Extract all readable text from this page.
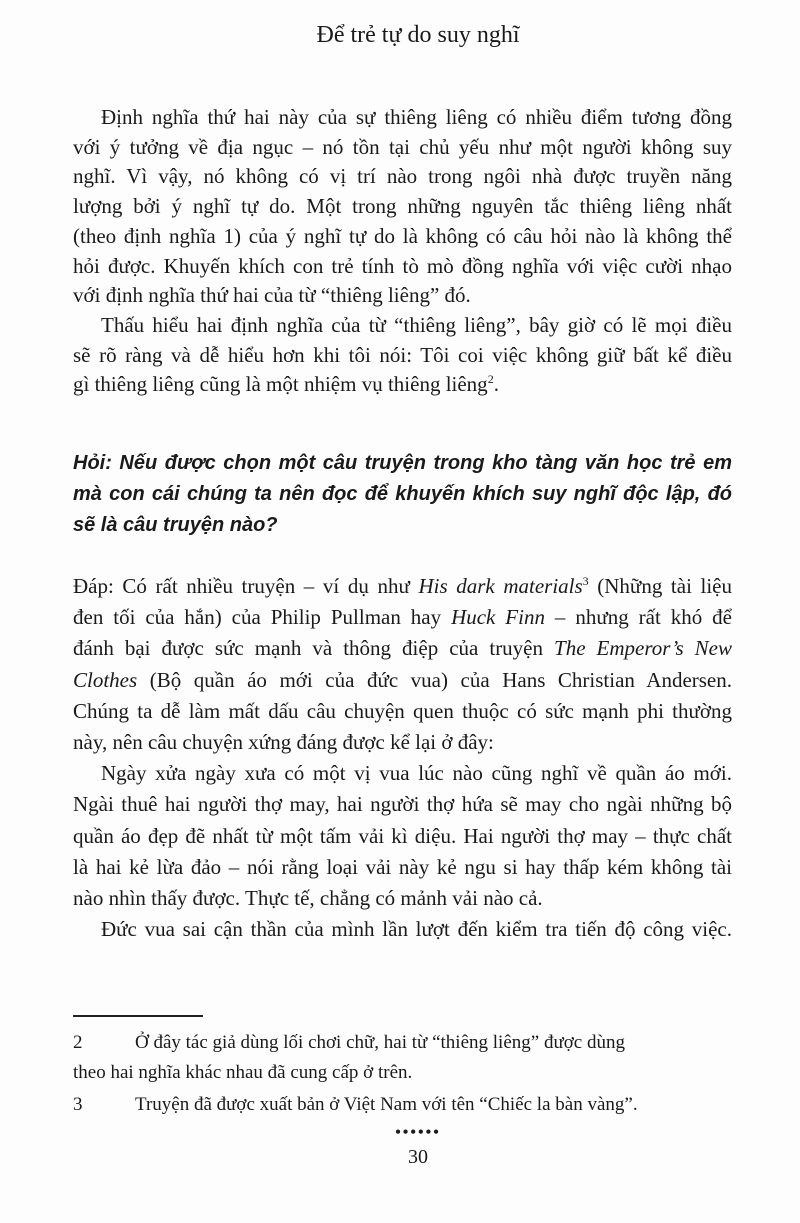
Để trẻ tự do suy nghĩ
Định nghĩa thứ hai này của sự thiêng liêng có nhiều điểm tương đồng
với ý tưởng về địa ngục – nó tồn tại chủ yếu như một người không suy
nghĩ. Vì vậy, nó không có vị trí nào trong ngôi nhà được truyền năng
lượng bởi ý nghĩ tự do. Một trong những nguyên tắc thiêng liêng nhất
(theo định nghĩa 1) của ý nghĩ tự do là không có câu hỏi nào là không thể
hỏi được. Khuyến khích con trẻ tính tò mò đồng nghĩa với việc cười nhạo
với định nghĩa thứ hai của từ “thiêng liêng” đó.
Thấu hiểu hai định nghĩa của từ “thiêng liêng”, bây giờ có lẽ mọi điều
sẽ rõ ràng và dễ hiểu hơn khi tôi nói: Tôi coi việc không giữ bất kể điều
gì thiêng liêng cũng là một nhiệm vụ thiêng liêng$^2$.
Hỏi: Nếu được chọn một câu truyện trong kho tàng văn học trẻ em
mà con cái chúng ta nên đọc để khuyến khích suy nghĩ độc lập, đó
sẽ là câu truyện nào?
Đáp: Có rất nhiều truyện – ví dụ như His dark materials$^3$ (Những tài liệu
đen tối của hắn) của Philip Pullman hay Huck Finn – nhưng rất khó để
đánh bại được sức mạnh và thông điệp của truyện The Emperor’s New
Clothes (Bộ quần áo mới của đức vua) của Hans Christian Andersen.
Chúng ta dễ làm mất dấu câu chuyện quen thuộc có sức mạnh phi thường
này, nên câu chuyện xứng đáng được kể lại ở đây:
Ngày xửa ngày xưa có một vị vua lúc nào cũng nghĩ về quần áo mới.
Ngài thuê hai người thợ may, hai người thợ hứa sẽ may cho ngài những bộ
quần áo đẹp đẽ nhất từ một tấm vải kì diệu. Hai người thợ may – thực chất
là hai kẻ lừa đảo – nói rằng loại vải này kẻ ngu si hay thấp kém không tài
nào nhìn thấy được. Thực tế, chẳng có mảnh vải nào cả.
Đức vua sai cận thần của mình lần lượt đến kiểm tra tiến độ công việc.
2	Ở đây tác giả dùng lối chơi chữ, hai từ “thiêng liêng” được dùng
theo hai nghĩa khác nhau đã cung cấp ở trên.
3	Truyện đã được xuất bản ở Việt Nam với tên “Chiếc la bàn vàng”.
••••••
30
